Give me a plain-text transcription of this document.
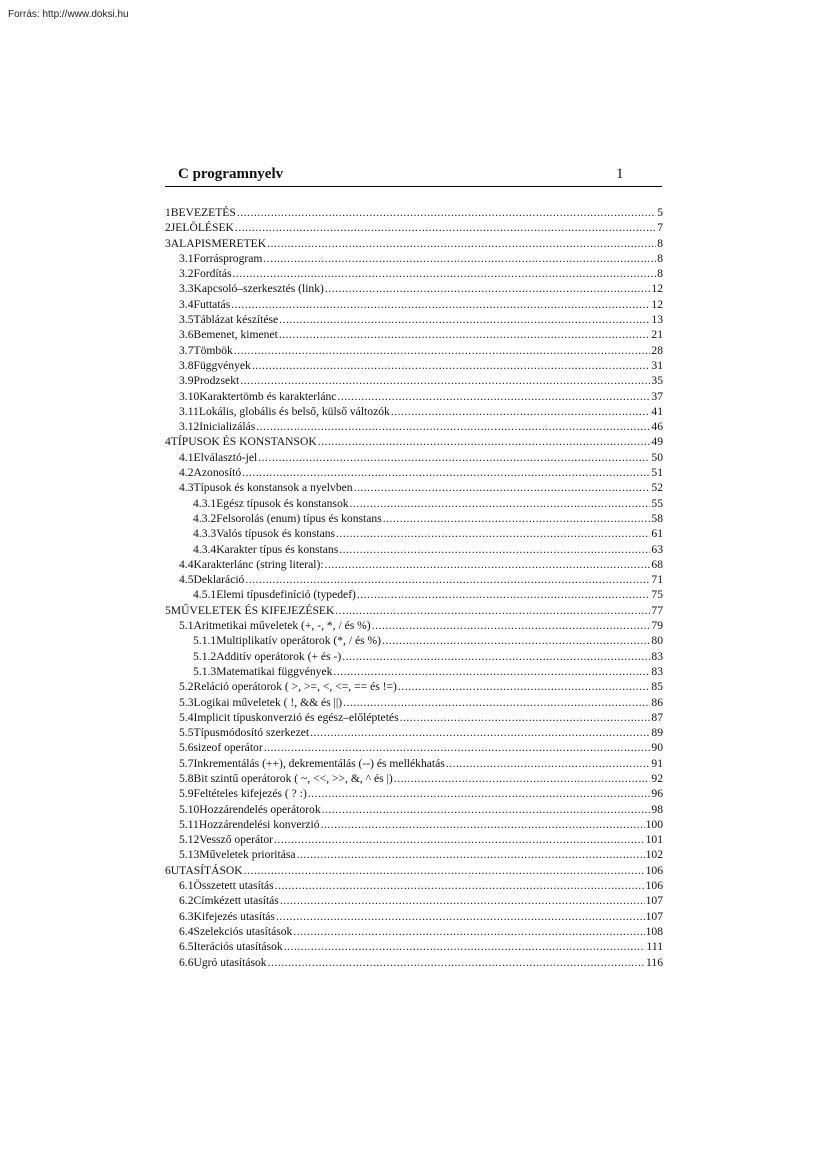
Forrás: http://www.doksi.hu
C programnyelv	1
1 BEVEZETÉS .....	5
2 JELÖLÉSEK .....	7
3 ALAPISMERETEK .....	8
3.1 Forrásprogram .....	8
3.2 Fordítás .....	8
3.3 Kapcsoló–szerkesztés (link) .....	12
3.4 Futtatás .....	12
3.5 Táblázat készítése .....	13
3.6 Bemenet, kimenet .....	21
3.7 Tömbök .....	28
3.8 Függvények .....	31
3.9 Prodzsekt .....	35
3.10 Karaktertömb és karakterlánc .....	37
3.11 Lokális, globális és belső, külső változók .....	41
3.12 Inicializálás .....	46
4 TÍPUSOK ÉS KONSTANSOK .....	49
4.1 Elválasztó-jel .....	50
4.2 Azonosító .....	51
4.3 Típusok és konstansok a nyelvben .....	52
4.3.1 Egész típusok és konstansok .....	55
4.3.2 Felsorolás (enum) típus és konstans .....	58
4.3.3 Valós típusok és konstans .....	61
4.3.4 Karakter típus és konstans .....	63
4.4 Karakterlánc (string literal): .....	68
4.5 Deklaráció .....	71
4.5.1 Elemi típusdefiníció (typedef) .....	75
5 MŰVELETEK ÉS KIFEJEZÉSEK .....	77
5.1 Aritmetikai műveletek (+, -, *, / és %) .....	79
5.1.1 Multiplikatív operátorok (*, / és %) .....	80
5.1.2 Additív operátorok (+ és -) .....	83
5.1.3 Matematikai függvények .....	83
5.2 Reláció operátorok ( >, >=, <, <=, == és !=) .....	85
5.3 Logikai műveletek ( !, && és ||) .....	86
5.4 Implicit típuskonverzió és egész–előléptetés .....	87
5.5 Típusmódosító szerkezet .....	89
5.6 sizeof operátor .....	90
5.7 Inkrementálás (++), dekrementálás (--) és mellékhatás .....	91
5.8 Bit szintű operátorok ( ~, <<, >>, &, ^ és |) .....	92
5.9 Feltételes kifejezés ( ? :) .....	96
5.10 Hozzárendelés operátorok .....	98
5.11 Hozzárendelési konverzió .....	100
5.12 Vessző operátor .....	101
5.13 Műveletek prioritása .....	102
6 UTASÍTÁSOK .....	106
6.1 Összetett utasítás .....	106
6.2 Címkézett utasítás .....	107
6.3 Kifejezés utasítás .....	107
6.4 Szelekciós utasítások .....	108
6.5 Iterációs utasítások .....	111
6.6 Ugró utasítások .....	116
